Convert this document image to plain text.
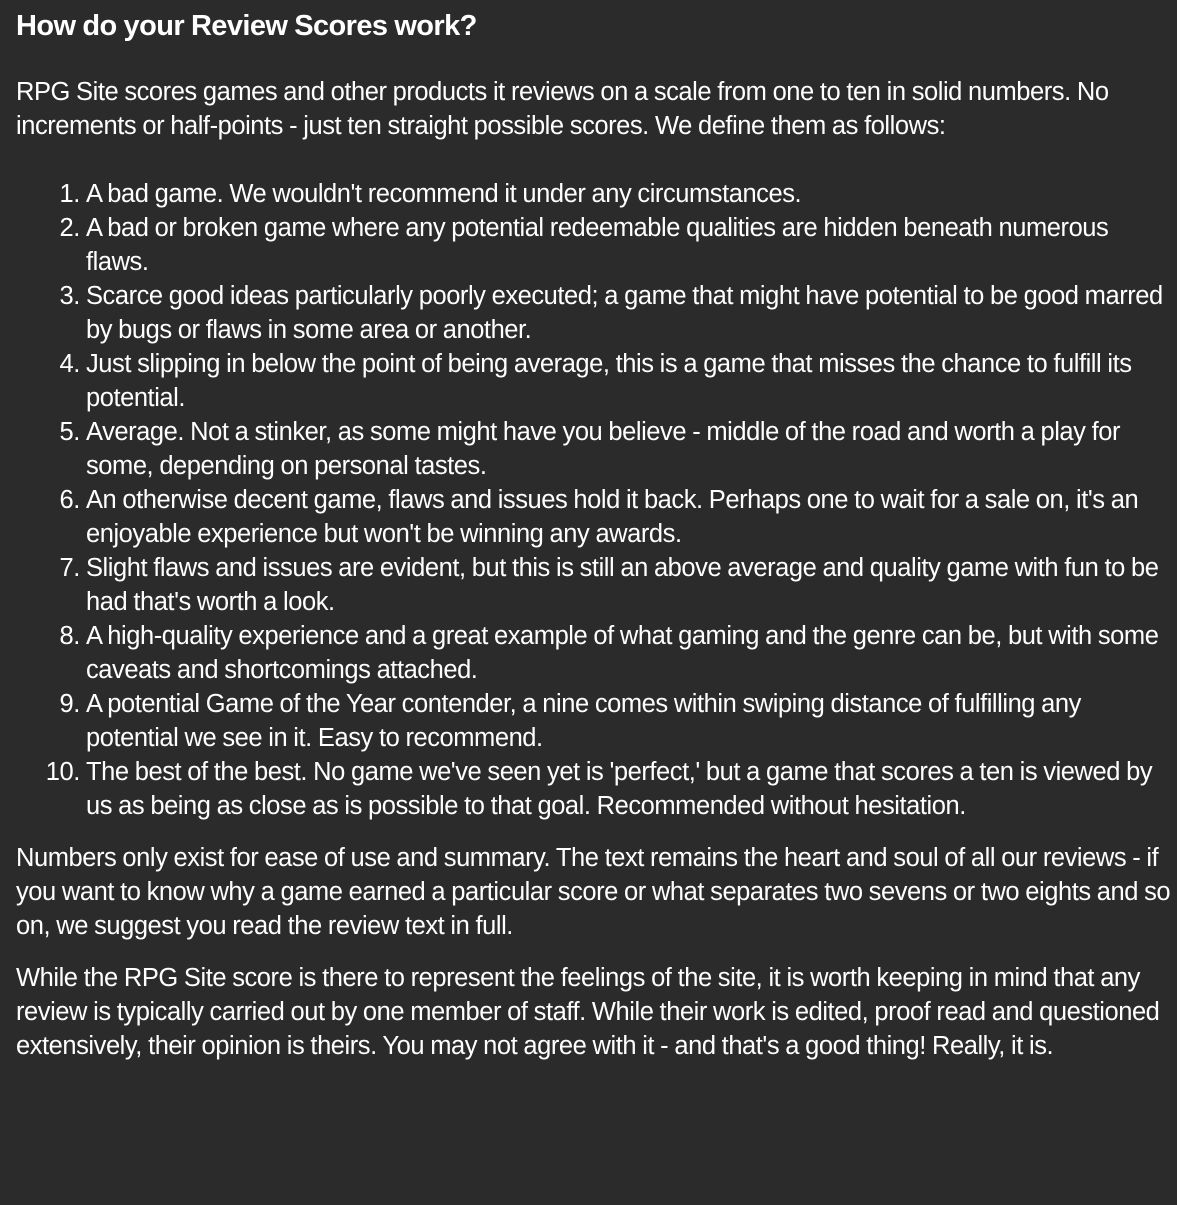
How do your Review Scores work?

RPG Site scores games and other products it reviews on a scale from one to ten in solid numbers. No increments or half-points - just ten straight possible scores. We define them as follows:

1. A bad game. We wouldn't recommend it under any circumstances.
2. A bad or broken game where any potential redeemable qualities are hidden beneath numerous flaws.
3. Scarce good ideas particularly poorly executed; a game that might have potential to be good marred by bugs or flaws in some area or another.
4. Just slipping in below the point of being average, this is a game that misses the chance to fulfill its potential.
5. Average. Not a stinker, as some might have you believe - middle of the road and worth a play for some, depending on personal tastes.
6. An otherwise decent game, flaws and issues hold it back. Perhaps one to wait for a sale on, it's an enjoyable experience but won't be winning any awards.
7. Slight flaws and issues are evident, but this is still an above average and quality game with fun to be had that's worth a look.
8. A high-quality experience and a great example of what gaming and the genre can be, but with some caveats and shortcomings attached.
9. A potential Game of the Year contender, a nine comes within swiping distance of fulfilling any potential we see in it. Easy to recommend.
10. The best of the best. No game we've seen yet is 'perfect,' but a game that scores a ten is viewed by us as being as close as is possible to that goal. Recommended without hesitation.

Numbers only exist for ease of use and summary. The text remains the heart and soul of all our reviews - if you want to know why a game earned a particular score or what separates two sevens or two eights and so on, we suggest you read the review text in full.

While the RPG Site score is there to represent the feelings of the site, it is worth keeping in mind that any review is typically carried out by one member of staff. While their work is edited, proof read and questioned extensively, their opinion is theirs. You may not agree with it - and that's a good thing! Really, it is.
